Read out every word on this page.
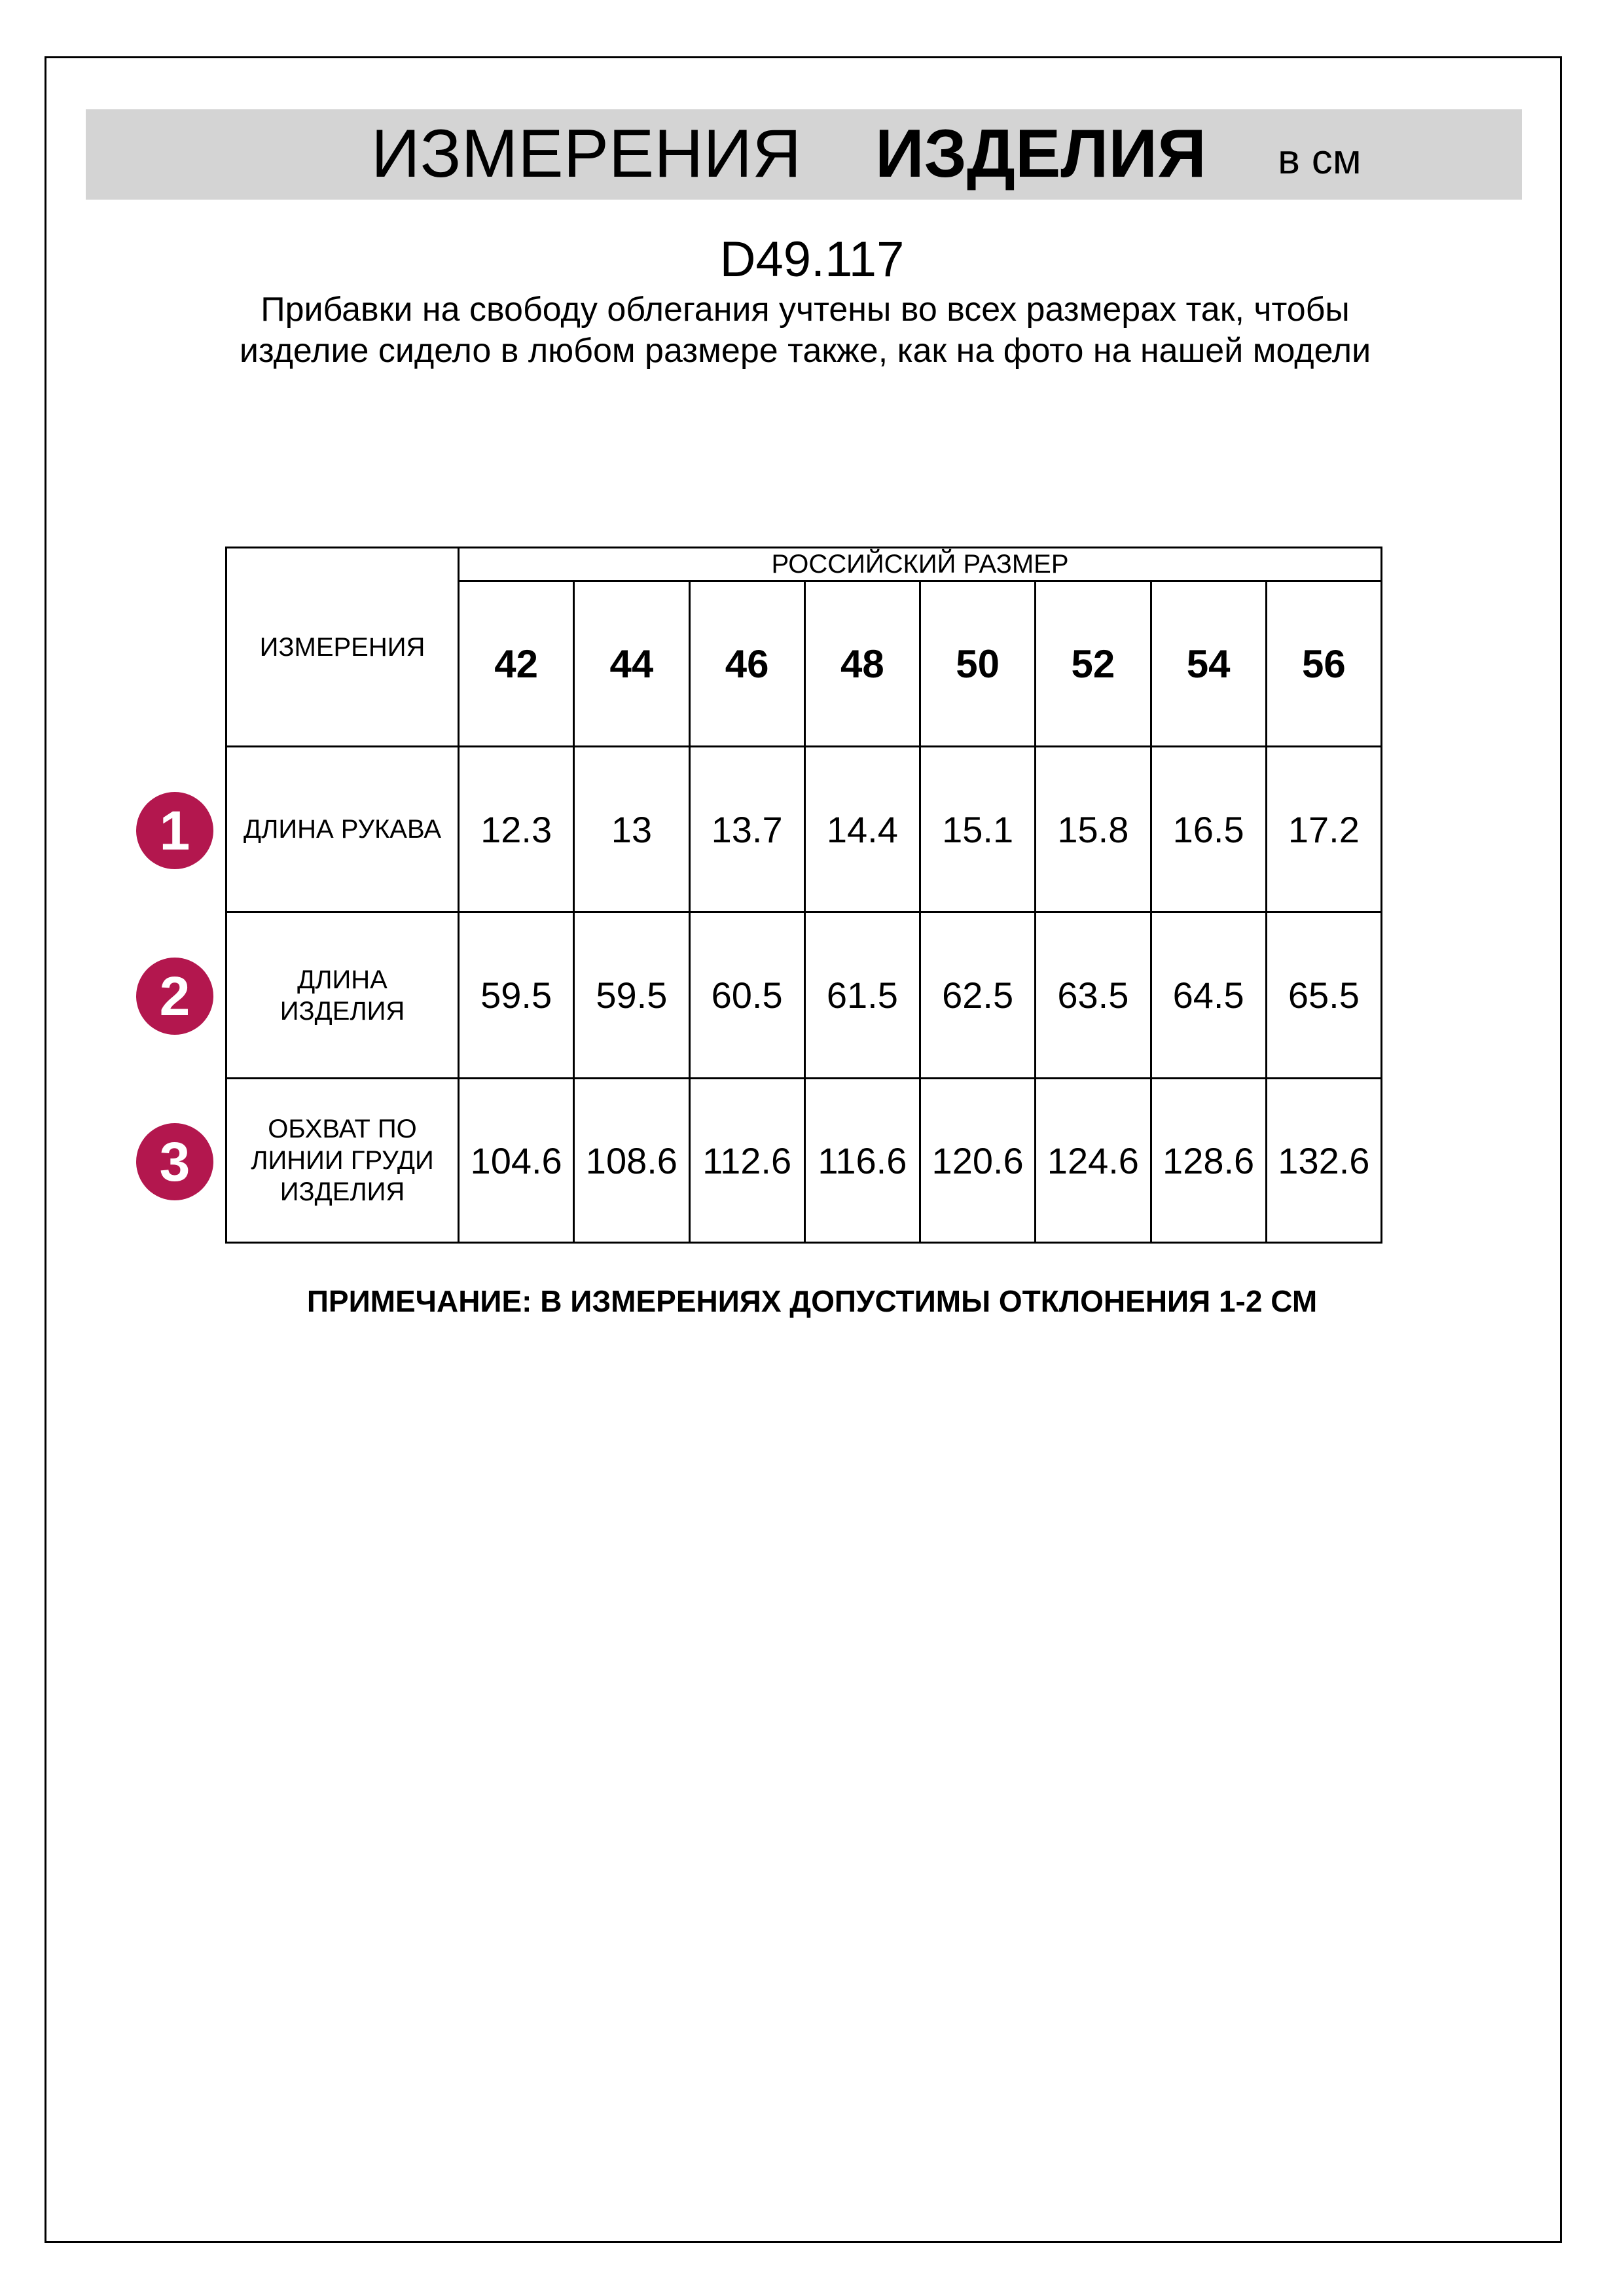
ИЗМЕРЕНИЯ ИЗДЕЛИЯ в см
D49.117
Прибавки на свободу облегания учтены во всех размерах так, чтобы изделие сидело в любом размере также, как на фото на нашей модели
ИЗМЕРЕНИЯ	РОССИЙСКИЙ РАЗМЕР							
	42	44	46	48	50	52	54	56
ДЛИНА РУКАВА	12.3	13	13.7	14.4	15.1	15.8	16.5	17.2
ДЛИНА ИЗДЕЛИЯ	59.5	59.5	60.5	61.5	62.5	63.5	64.5	65.5
ОБХВАТ ПО ЛИНИИ ГРУДИ ИЗДЕЛИЯ	104.6	108.6	112.6	116.6	120.6	124.6	128.6	132.6
1
2
3
ПРИМЕЧАНИЕ: В ИЗМЕРЕНИЯХ ДОПУСТИМЫ ОТКЛОНЕНИЯ 1-2 СМ
